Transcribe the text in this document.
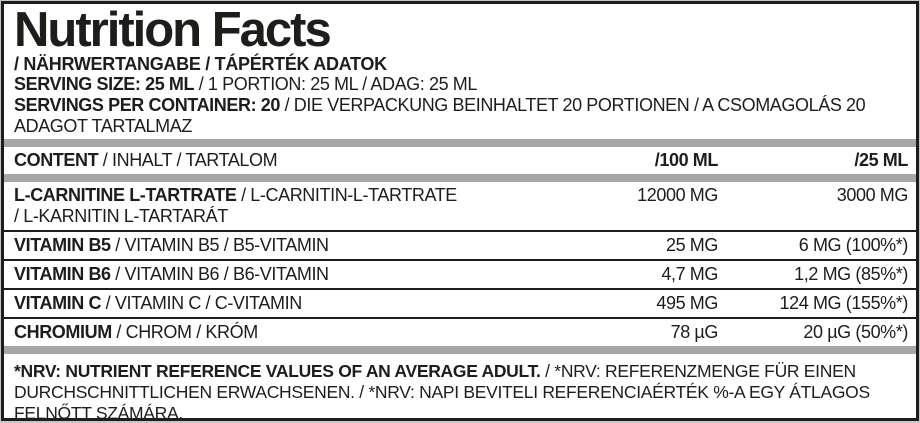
Nutrition Facts
/ NÄHRWERTANGABE / TÁPÉRTÉK ADATOK
SERVING SIZE: 25 ML / 1 PORTION: 25 ML / ADAG: 25 ML
SERVINGS PER CONTAINER: 20 / DIE VERPACKUNG BEINHALTET 20 PORTIONEN / A CSOMAGOLÁS 20 ADAGOT TARTALMAZ
CONTENT / INHALT / TARTALOM	/100 ML	/25 ML
L-CARNITINE L-TARTRATE / L-CARNITIN-L-TARTRATE
/ L-KARNITIN L-TARTARÁT
12000 MG	3000 MG
VITAMIN B5 / VITAMIN B5 / B5-VITAMIN	25 MG	6 MG (100%*)
VITAMIN B6 / VITAMIN B6 / B6-VITAMIN	4,7 MG	1,2 MG (85%*)
VITAMIN C / VITAMIN C / C-VITAMIN	495 MG	124 MG (155%*)
CHROMIUM / CHROM / KRÓM	78 µG	20 µG (50%*)
*NRV: NUTRIENT REFERENCE VALUES OF AN AVERAGE ADULT. / *NRV: REFERENZMENGE FÜR EINEN DURCHSCHNITTLICHEN ERWACHSENEN. / *NRV: NAPI BEVITELI REFERENCIAÉRTÉK %-A EGY ÁTLAGOS FELNŐTT SZÁMÁRA.
